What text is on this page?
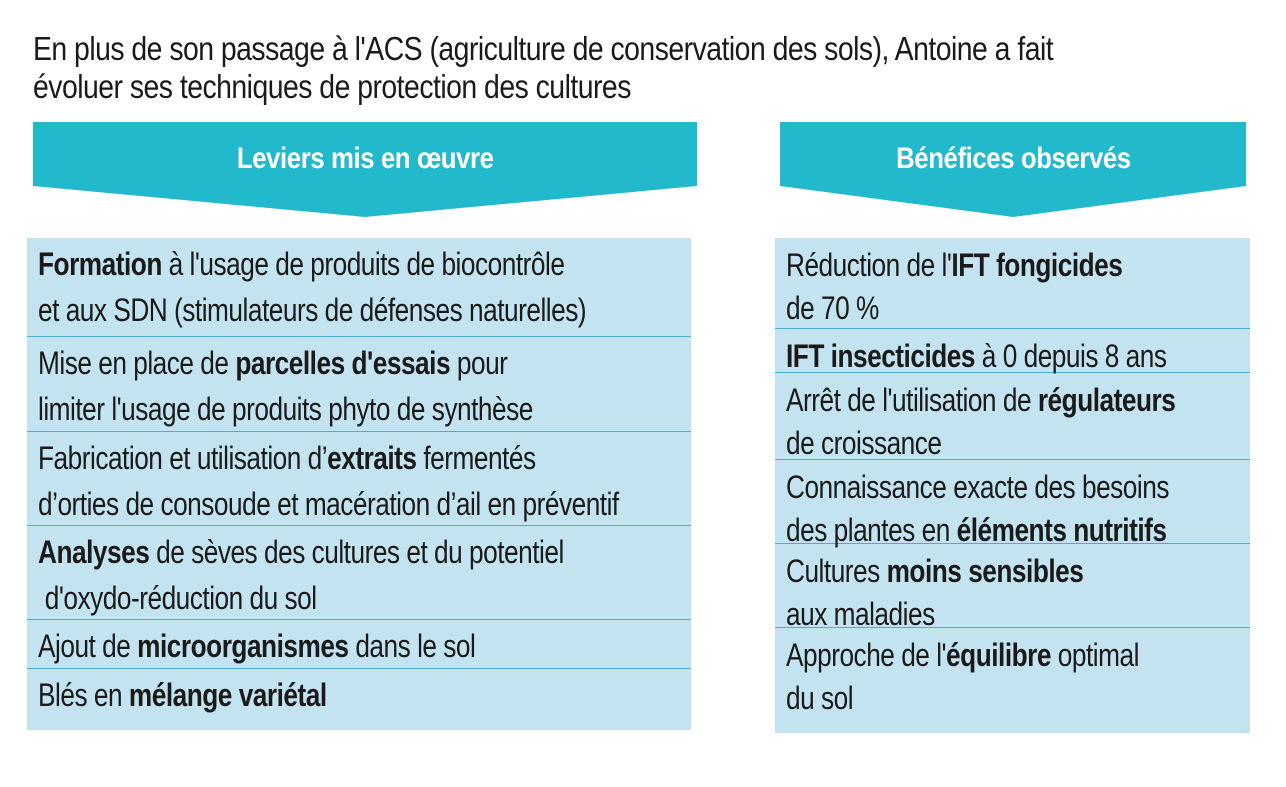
En plus de son passage à l'ACS (agriculture de conservation des sols), Antoine a fait
évoluer ses techniques de protection des cultures
Leviers mis en œuvre	Bénéfices observés
Formation à l'usage de produits de biocontrôle
et aux SDN (stimulateurs de défenses naturelles)
Mise en place de parcelles d'essais pour
limiter l'usage de produits phyto de synthèse
Fabrication et utilisation d’extraits fermentés
d’orties de consoude et macération d’ail en préventif
Analyses de sèves des cultures et du potentiel
d'oxydo-réduction du sol
Ajout de microorganismes dans le sol
Blés en mélange variétal
Réduction de l'IFT fongicides
de 70 %
IFT insecticides à 0 depuis 8 ans
Arrêt de l'utilisation de régulateurs
de croissance
Connaissance exacte des besoins
des plantes en éléments nutritifs
Cultures moins sensibles
aux maladies
Approche de l'équilibre optimal
du sol
